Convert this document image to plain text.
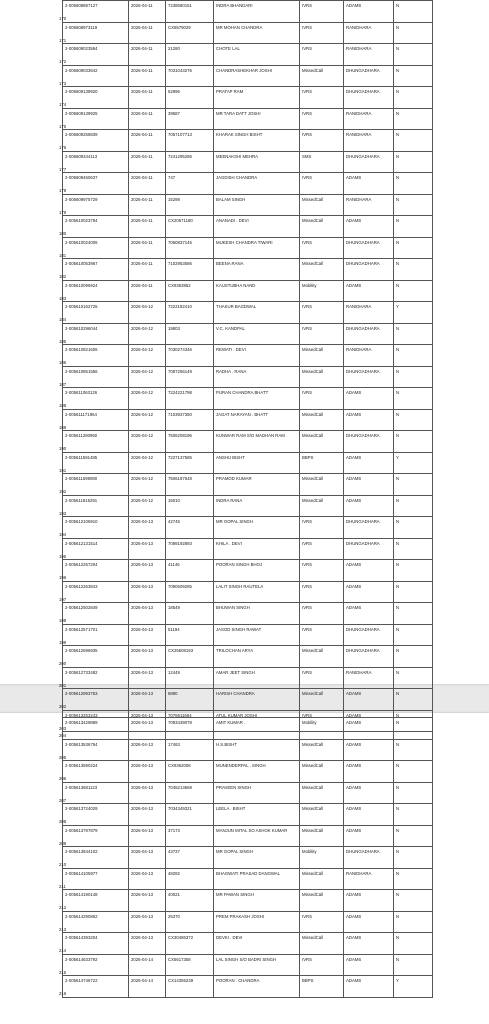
2-005608897127
170	2026-04-11	7238580151	INDRA BHANDARI	IVRS	ADAMS	N

2-005608973119
171	2026-04-11	CX5579029	MR MOHAN CHANDRA	IVRS	RANIDHARA	N

2-005609023584
172	2026-04-11	21280	CHOTE LAL	IVRS	RANIDHARA	N

2-005609033642
173	2026-04-11	7031043276	CHANDRASHEKHAR JOSHI	MissedCall	DHUNGADHARA	N

2-005609138920
174	2026-04-11	52996	PRATAP RAM	IVRS	DHUNGADHARA	N

2-005609139925
175	2026-04-11	39587	MR TARA DATT JOSHI	IVRS	RANIDHARA	N

2-005609258839
176	2026-04-11	7057107713	KHARAK SINGH BISHT	IVRS	RANIDHARA	N

2-005609344113
177	2026-04-11	7241295286	MEENAKSHI MEHRA	SMS	DHUNGADHARA	N

2-005609460637
178	2026-04-11	747	JAGDISH CHANDRA	IVRS	ADAMS	N

2-005609975729
179	2026-04-11	15298	BALAM SINGH	MissedCall	RANIDHARA	N

2-005610023794
180	2026-04-11	CX20671180	ANANADI . DEVI	MissedCall	ADAMS	N

2-005610024006
181	2026-04-11	7060837145	MUKESH CHANDRA TIWARI	IVRS	DHUNGADHARA	N

2-005610053967
182	2026-04-11	7102953586	BEENA RANA	MissedCall	DHUNGADHARA	N

2-005610096924
183	2026-04-11	CX9363852	KAUSTUBHA NAND	Mobility	ADAMS	N

2-005610162725
184	2026-04-12	7222182410	THAKUR BAGDWAL	IVRS	RANIDHARA	Y

2-005610296044
185	2026-04-12	19803	V.C. KANDPAL	IVRS	DHUNGADHARA	N

2-005610821606
186	2026-04-12	7030274346	REWATI . DEVI	MissedCall	RANIDHARA	N

2-005610851556
187	2026-04-12	7087256149	RADHA . RANA	MissedCall	DHUNGADHARA	N

2-005611063126
188	2026-04-12	7224221798	PURAN CHANDRA BHATT	IVRS	ADAMS	N

2-005611171964
189	2026-04-12	7103937350	JAGAT NARAYAN . BHATT	MissedCall	ADAMS	N

2-005611280950
190	2026-04-12	7506208196	KUNWAR RAM S/O MADHAN RAM	MissedCall	DHUNGADHARA	N

2-005611591485
191	2026-04-12	7227137585	ANSHU BISHT	BBPS	ADAMS	Y

2-005611599080
192	2026-04-12	7506187548	PRAMOD KUMAR	MissedCall	ADAMS	N

2-005611815291
193	2026-04-12	15010	INDRA RANA	MissedCall	ADAMS	N

2-005612106910
194	2026-04-13	42745	MR GOPAL SINGH	IVRS	DHUNGADHARA	N

2-005612131514
195	2026-04-13	7089192893	KHILA . DEVI	IVRS	DHUNGADHARA	N

2-005612257204
196	2026-04-13	41146	POORAN SINGH BHOJ	IVRS	ADAMS	N

2-005612263843
197	2026-04-13	7090509285	LALIT SINGH RAUTELA	IVRS	ADAMS	N

2-005612502849
198	2026-04-13	18549	BHUWAN SINGH	IVRS	ADAMS	N

2-005612571701
199	2026-04-13	51194	JASOD SINGH RAWAT	IVRS	DHUNGADHARA	N

2-005612696935
200	2026-04-13	CX25608193	TRILOCHAN ARYA	MissedCall	DHUNGADHARA	N

2-005612733482
201	2026-04-13	12449	AMAR JEET SINGH	IVRS	RANIDHARA	N

2-005612993753
202	2026-04-13	5890	HARISH CHANDRA	MissedCall	ADAMS	N

2-005613253243
203	2026-04-13	7076911694	ATUL KUMAR JOSHI	IVRS	ADAMS	N
2-005613429889
204	2026-04-13	7093439078	AMIT KUMAR .	Mobility	ADAMS	N

2-005613536794
205	2026-04-13	17463	H.S.BISHT	MissedCall	ADAMS	N

2-005613590224
206	2026-04-13	CX9362006	MUNENDERPAL . SINGH	MissedCall	ADAMS	N

2-005613681123
207	2026-04-13	7045213668	PRAVEEN SINGH	MissedCall	ADAMS	N

2-005613724029
208	2026-04-13	7034349321	LEELA . BISHT	MissedCall	ADAMS	N

2-005613797879
209	2026-04-13	37173	MANJUN MITAL SO ASHOK KUMAR	MissedCall	ADAMS	N

2-005613844102
210	2026-04-13	43737	MR GOPAL SINGH	Mobility	DHUNGADHARA	N

2-005614105977
211	2026-04-13	48282	BHAGWATI PRASAD DANGWAL	MissedCall	RANIDHARA	N

2-005614190148
212	2026-04-13	40021	MR PAWAN SINGH	MissedCall	ADAMS	N

2-005614290862
213	2026-04-13	25370	PREM PRAKASH JOSHI	IVRS	ADAMS	N

2-005614393204
214	2026-04-13	CX30486372	DEVKI . DEVI	MissedCall	ADAMS	N

2-005614633792
215	2026-04-14	CX5617358	LAL SINGH S/O BADRI SINGH	IVRS	ADAMS	N

2-005614746722
216	2026-04-14	CX14355239	POORAN . CHANDRA	BBPS	ADAMS	Y
